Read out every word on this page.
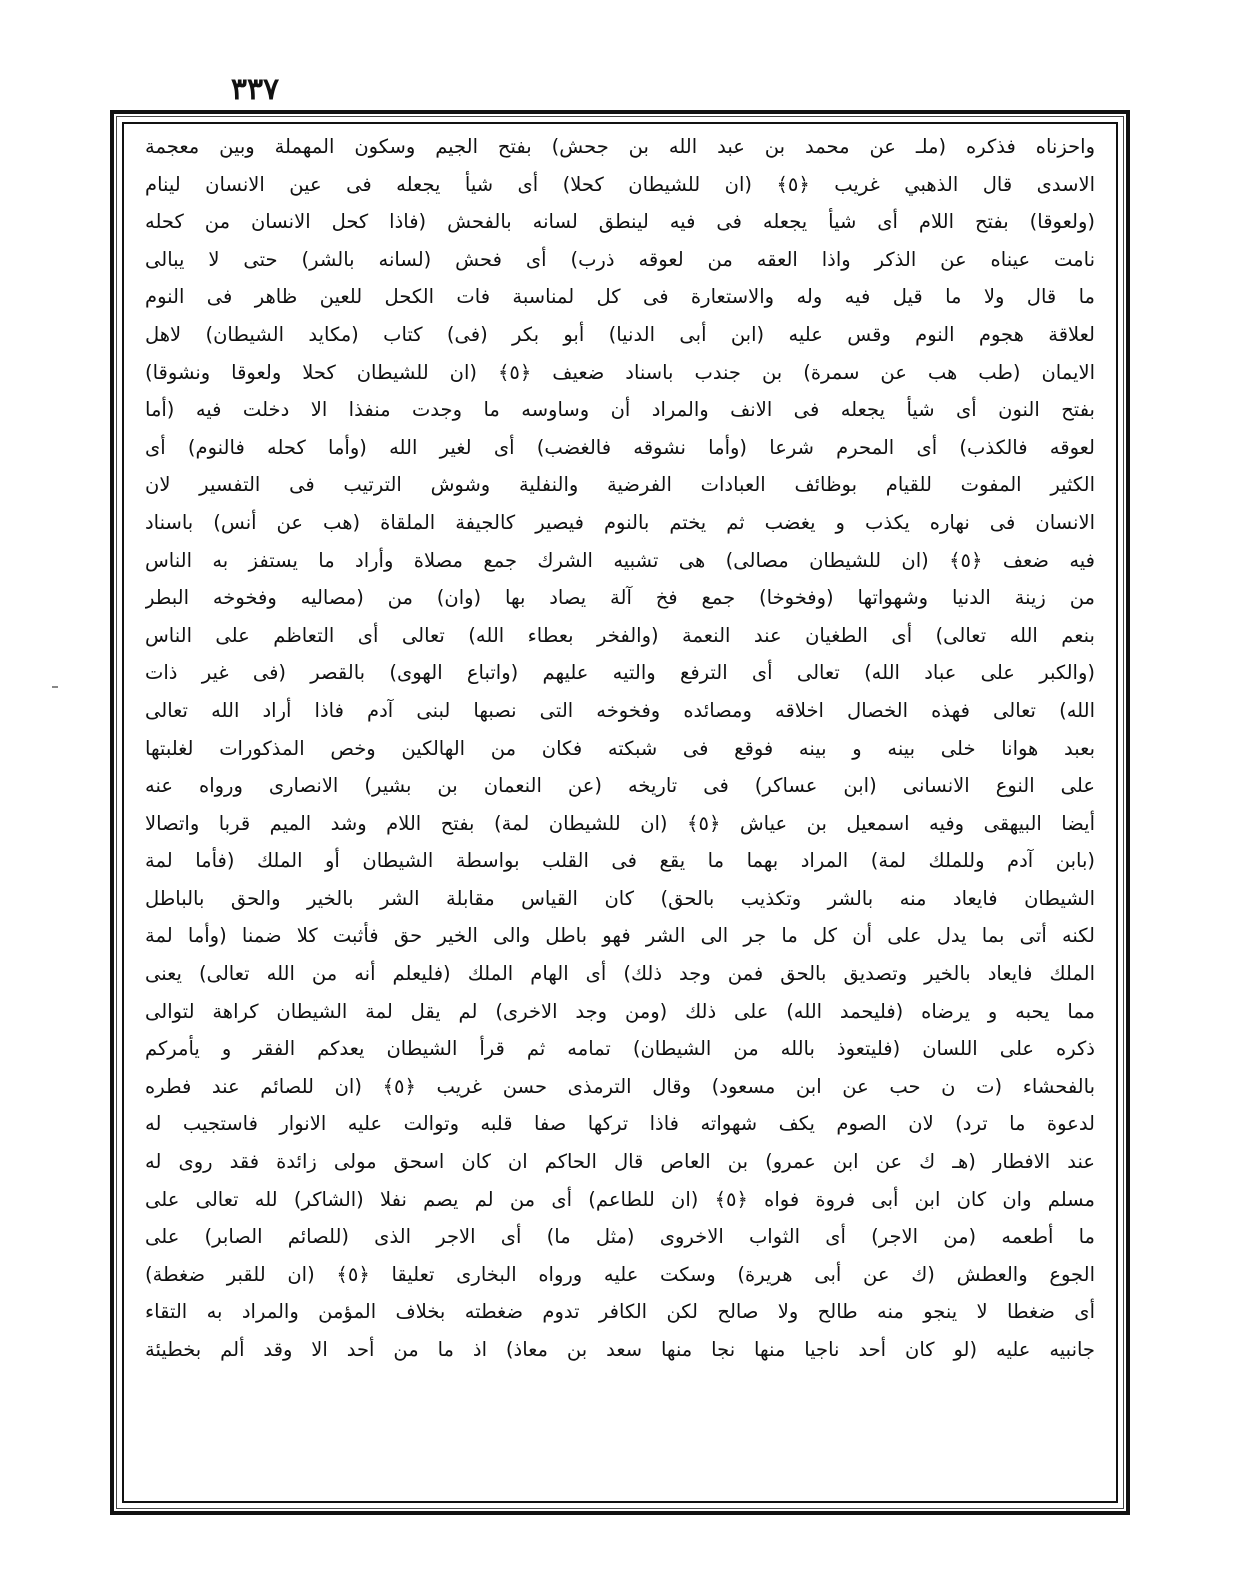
٣٣٧
واحزناه فذكره (ملـ عن محمد بن عبد الله بن جحش) بفتح الجيم وسكون المهملة وبين معجمة
الاسدى قال الذهبي غريب ﴿٥﴾ (ان للشيطان كحلا) أى شيأ يجعله فى عين الانسان لينام
(ولعوقا) بفتح اللام أى شيأ يجعله فى فيه لينطق لسانه بالفحش (فاذا كحل الانسان من كحله
نامت عيناه عن الذكر واذا العقه من لعوقه ذرب) أى فحش (لسانه بالشر) حتى لا يبالى
ما قال ولا ما قيل فيه وله والاستعارة فى كل لمناسبة فات الكحل للعين ظاهر فى النوم
لعلاقة هجوم النوم وقس عليه (ابن أبى الدنيا) أبو بكر (فى) كتاب (مكايد الشيطان) لاهل
الايمان (طب هب عن سمرة) بن جندب باسناد ضعيف ﴿٥﴾ (ان للشيطان كحلا ولعوقا ونشوقا)
بفتح النون أى شيأ يجعله فى الانف والمراد أن وساوسه ما وجدت منفذا الا دخلت فيه (أما
لعوقه فالكذب) أى المحرم شرعا (وأما نشوقه فالغضب) أى لغير الله (وأما كحله فالنوم) أى
الكثير المفوت للقيام بوظائف العبادات الفرضية والنفلية وشوش الترتيب فى التفسير لان
الانسان فى نهاره يكذب و يغضب ثم يختم بالنوم فيصير كالجيفة الملقاة (هب عن أنس) باسناد
فيه ضعف ﴿٥﴾ (ان للشيطان مصالى) هى تشبيه الشرك جمع مصلاة وأراد ما يستفز به الناس
من زينة الدنيا وشهواتها (وفخوخا) جمع فخ آلة يصاد بها (وان) من (مصاليه وفخوخه البطر
بنعم الله تعالى) أى الطغيان عند النعمة (والفخر بعطاء الله) تعالى أى التعاظم على الناس
(والكبر على عباد الله) تعالى أى الترفع والتيه عليهم (واتباع الهوى) بالقصر (فى غير ذات
الله) تعالى فهذه الخصال اخلاقه ومصائده وفخوخه التى نصبها لبنى آدم فاذا أراد الله تعالى
بعبد هوانا خلى بينه و بينه فوقع فى شبكته فكان من الهالكين وخص المذكورات لغلبتها
على النوع الانسانى (ابن عساكر) فى تاريخه (عن النعمان بن بشير) الانصارى ورواه عنه
أيضا البيهقى وفيه اسمعيل بن عياش ﴿٥﴾ (ان للشيطان لمة) بفتح اللام وشد الميم قربا واتصالا
(بابن آدم وللملك لمة) المراد بهما ما يقع فى القلب بواسطة الشيطان أو الملك (فأما لمة
الشيطان فايعاد منه بالشر وتكذيب بالحق) كان القياس مقابلة الشر بالخير والحق بالباطل
لكنه أتى بما يدل على أن كل ما جر الى الشر فهو باطل والى الخير حق فأثبت كلا ضمنا (وأما لمة
الملك فايعاد بالخير وتصديق بالحق فمن وجد ذلك) أى الهام الملك (فليعلم أنه من الله تعالى) يعنى
مما يحبه و يرضاه (فليحمد الله) على ذلك (ومن وجد الاخرى) لم يقل لمة الشيطان كراهة لتوالى
ذكره على اللسان (فليتعوذ بالله من الشيطان) تمامه ثم قرأ الشيطان يعدكم الفقر و يأمركم
بالفحشاء (ت ن حب عن ابن مسعود) وقال الترمذى حسن غريب ﴿٥﴾ (ان للصائم عند فطره
لدعوة ما ترد) لان الصوم يكف شهواته فاذا تركها صفا قلبه وتوالت عليه الانوار فاستجيب له
عند الافطار (هـ ك عن ابن عمرو) بن العاص قال الحاكم ان كان اسحق مولى زائدة فقد روى له
مسلم وان كان ابن أبى فروة فواه ﴿٥﴾ (ان للطاعم) أى من لم يصم نفلا (الشاكر) لله تعالى على
ما أطعمه (من الاجر) أى الثواب الاخروى (مثل ما) أى الاجر الذى (للصائم الصابر) على
الجوع والعطش (ك عن أبى هريرة) وسكت عليه ورواه البخارى تعليقا ﴿٥﴾ (ان للقبر ضغطة)
أى ضغطا لا ينجو منه طالح ولا صالح لكن الكافر تدوم ضغطته بخلاف المؤمن والمراد به التقاء
جانبيه عليه (لو كان أحد ناجيا منها نجا منها سعد بن معاذ) اذ ما من أحد الا وقد ألم بخطيئة
